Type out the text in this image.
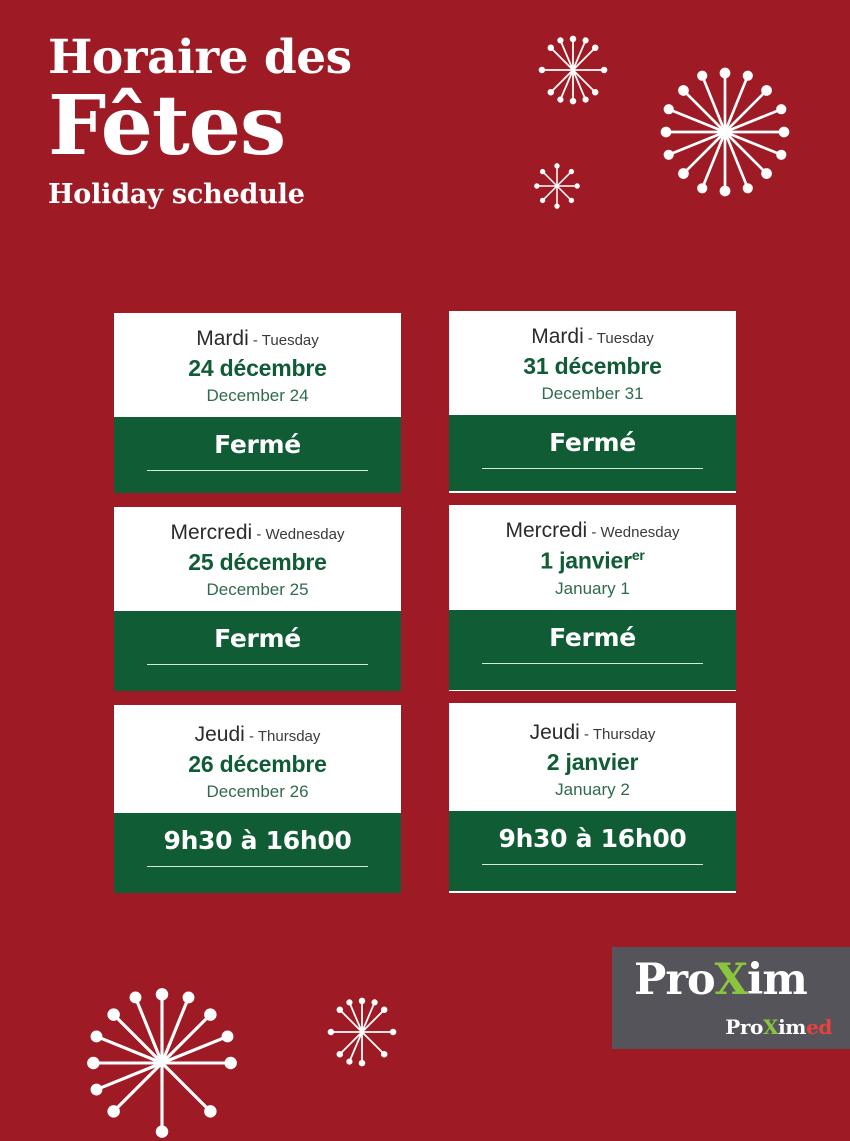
Horaire des
Fêtes
Holiday schedule
Mardi - Tuesday
24 décembre
December 24
Fermé
Mardi - Tuesday
31 décembre
December 31
Fermé
Mercredi - Wednesday
25 décembre
December 25
Fermé
Mercredi - Wednesday
1 janvier$^{er}$
January 1
Fermé
Jeudi - Thursday
26 décembre
December 26
9h30 à 16h00
Jeudi - Thursday
2 janvier
January 2
9h30 à 16h00
ProXim
ProXimed
